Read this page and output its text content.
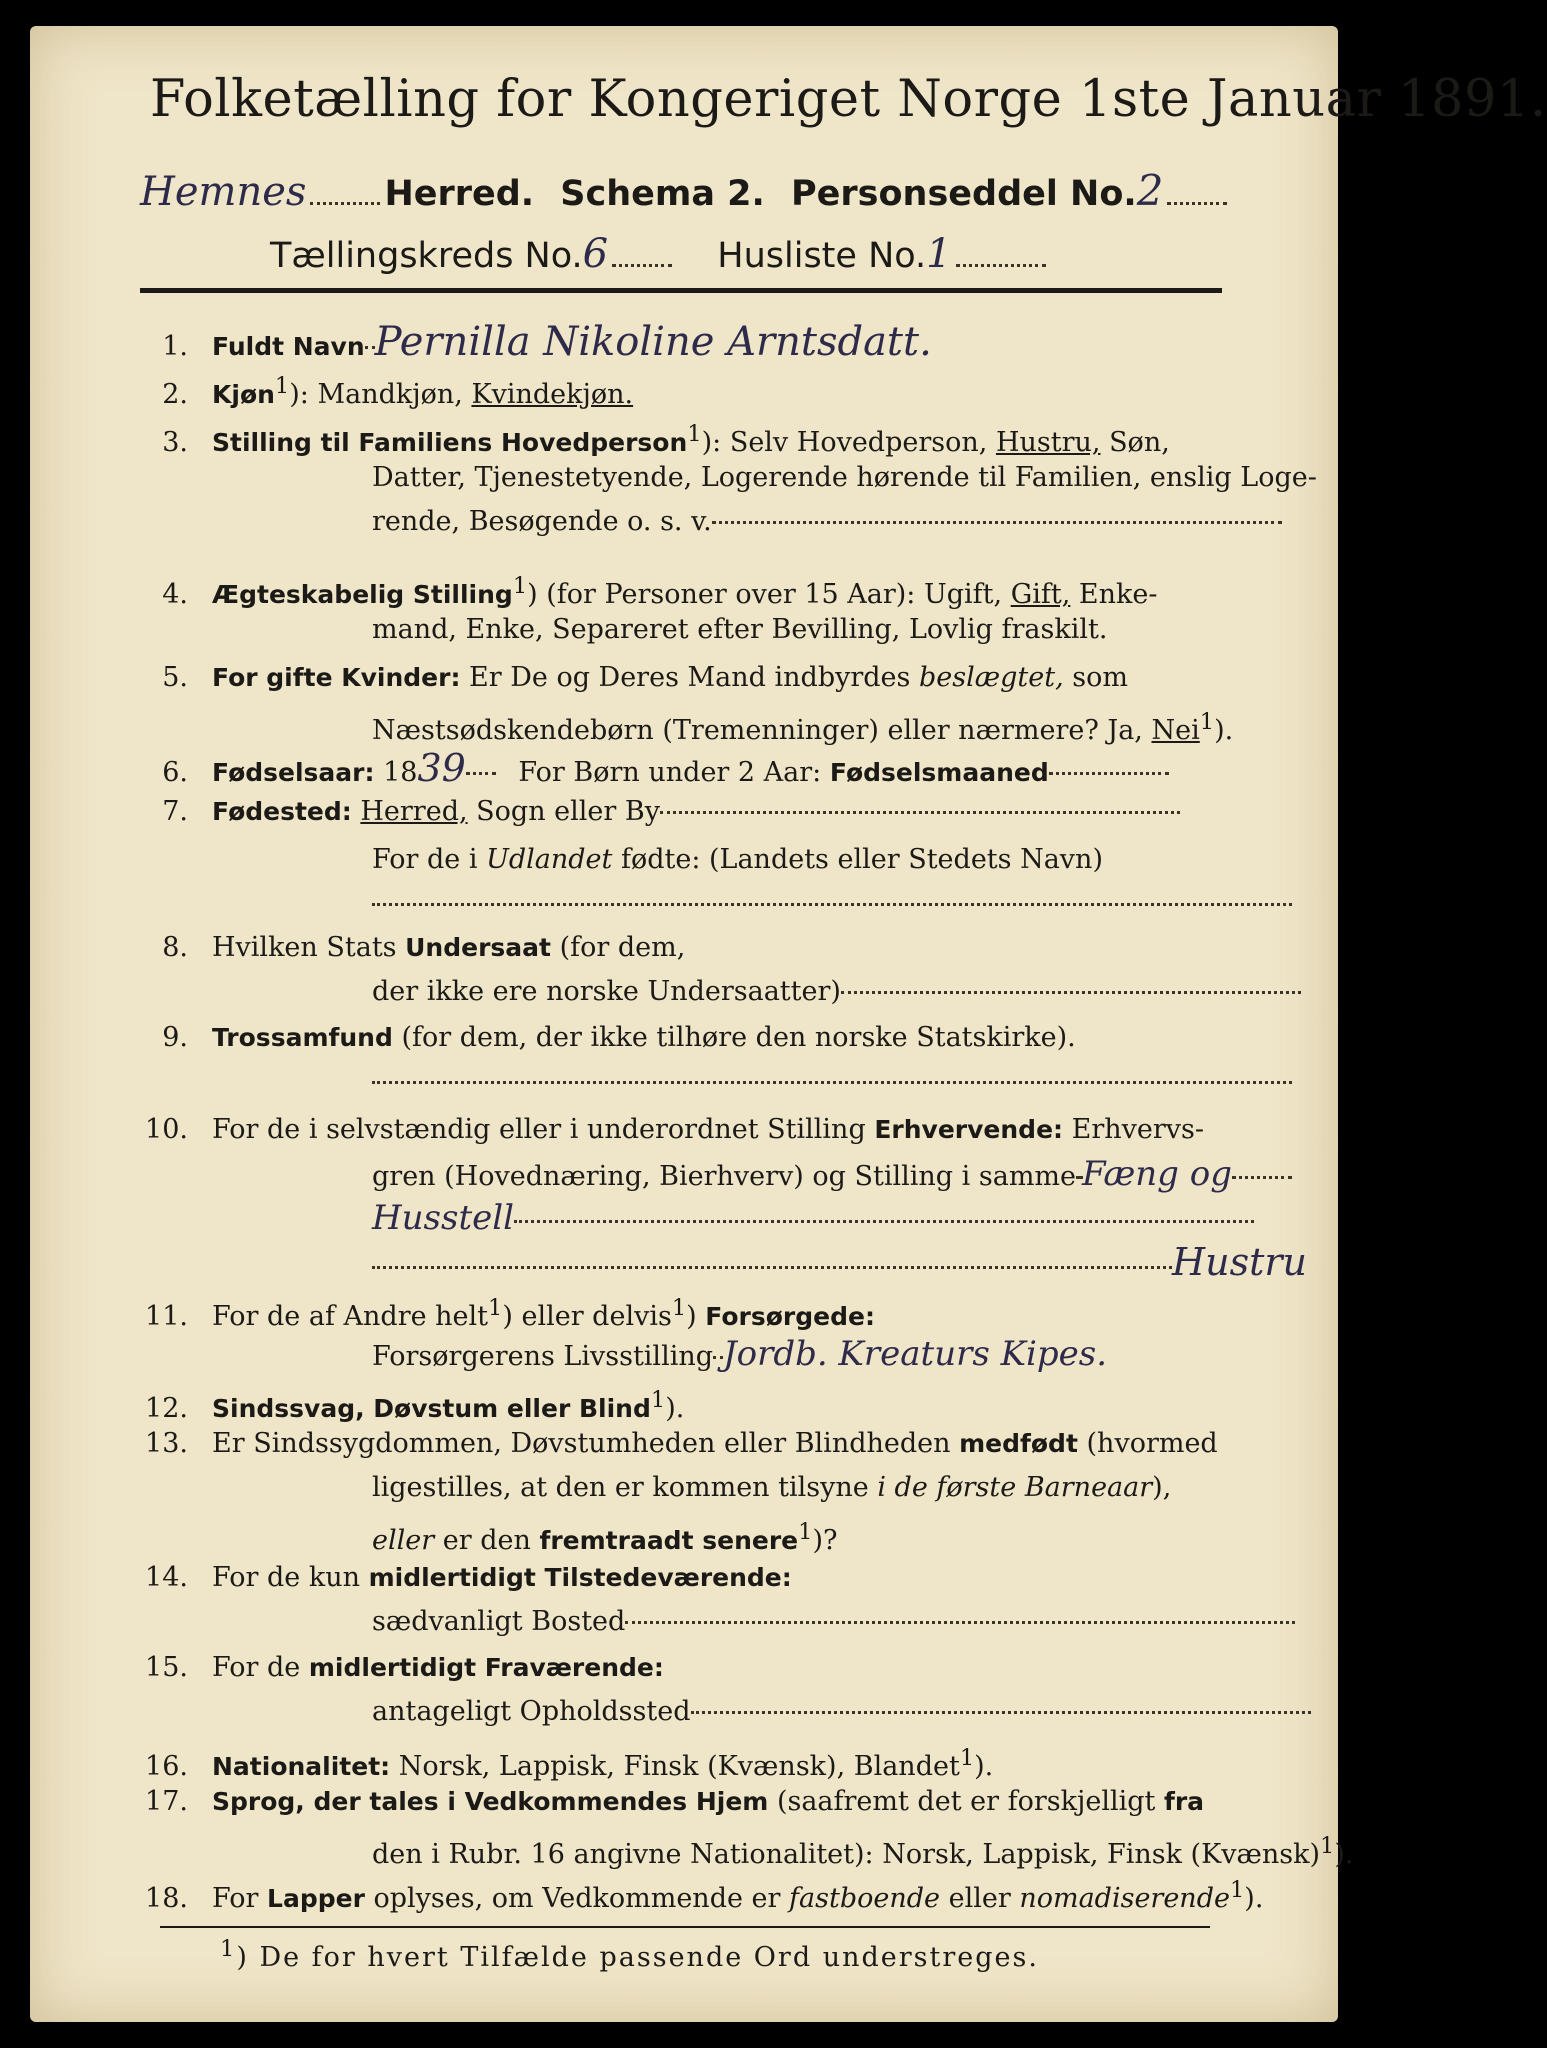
Folketælling for Kongeriget Norge 1ste Januar 1891.
Hemnes Herred. Schema 2. Personseddel No.2
Tællingskreds No.6	Husliste No.1
1. Fuldt Navn Pernilla Nikoline Arntsdatt.
2. Kjøn$^1$): Mandkjøn, Kvindekjøn.
3. Stilling til Familiens Hovedperson$^1$): Selv Hovedperson, Hustru, Søn,
Datter, Tjenestetyende, Logerende hørende til Familien, enslig Loge-
rende, Besøgende o. s. v.
4. Ægteskabelig Stilling$^1$) (for Personer over 15 Aar): Ugift, Gift, Enke-
mand, Enke, Separeret efter Bevilling, Lovlig fraskilt.
5. For gifte Kvinder: Er De og Deres Mand indbyrdes beslægtet, som
Næstsødskendebørn (Tremenninger) eller nærmere? Ja, Nei$^1$).
6. Fødselsaar: 1839 For Børn under 2 Aar: Fødselsmaaned
7. Fødested: Herred, Sogn eller By
For de i Udlandet fødte: (Landets eller Stedets Navn)
8. Hvilken Stats Undersaat (for dem,
der ikke ere norske Undersaatter)
9. Trossamfund (for dem, der ikke tilhøre den norske Statskirke).
10. For de i selvstændig eller i underordnet Stilling Erhvervende: Erhvervs-
gren (Hovednæring, Bierhverv) og Stilling i samme Fæng og
Husstell
Hustru
11. For de af Andre helt$^1$) eller delvis$^1$) Forsørgede:
Forsørgerens Livsstilling Jordb. Kreaturs Kipes.
12. Sindssvag, Døvstum eller Blind$^1$).
13. Er Sindssygdommen, Døvstumheden eller Blindheden medfødt (hvormed
ligestilles, at den er kommen tilsyne i de første Barneaar),
eller er den fremtraadt senere$^1$)?
14. For de kun midlertidigt Tilstedeværende:
sædvanligt Bosted
15. For de midlertidigt Fraværende:
antageligt Opholdssted
16. Nationalitet: Norsk, Lappisk, Finsk (Kvænsk), Blandet$^1$).
17. Sprog, der tales i Vedkommendes Hjem (saafremt det er forskjelligt fra
den i Rubr. 16 angivne Nationalitet): Norsk, Lappisk, Finsk (Kvænsk)$^1$).
18. For Lapper oplyses, om Vedkommende er fastboende eller nomadiserende$^1$).
$^1$) De for hvert Tilfælde passende Ord understreges.
